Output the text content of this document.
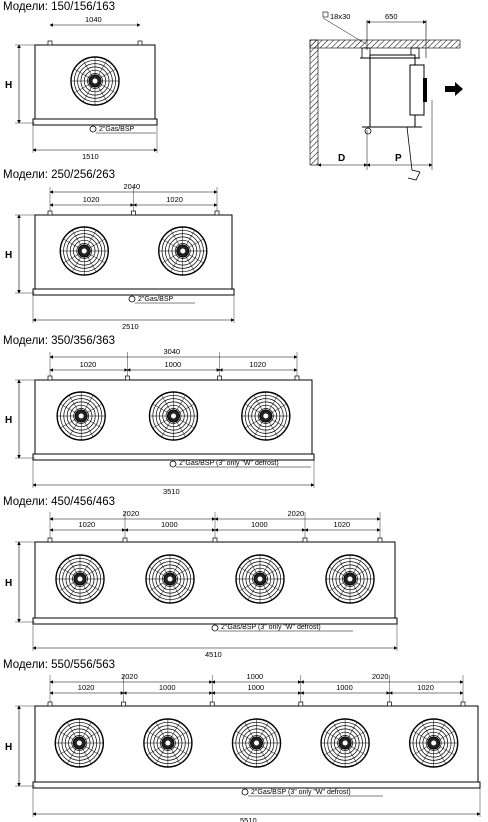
Модели: 150/156/163
Модели: 250/256/263
Модели: 350/356/363
Модели: 450/456/463
Модели: 550/556/563
650
18x30
D	P
H
1040
2"Gas/BSP
1510
H
1020	1020
2040
2"Gas/BSP
2510
H
1020	1000	1020
3040
2"Gas/BSP (3" only "W" defrost)
3510
H
1020	1000	1000	1020
2020	2020
2"Gas/BSP (3" only "W" defrost)
4510
H
1020	1000	1000	1000	1020
2020	1000	2020
2"Gas/BSP (3" only "W" defrost)
5510
